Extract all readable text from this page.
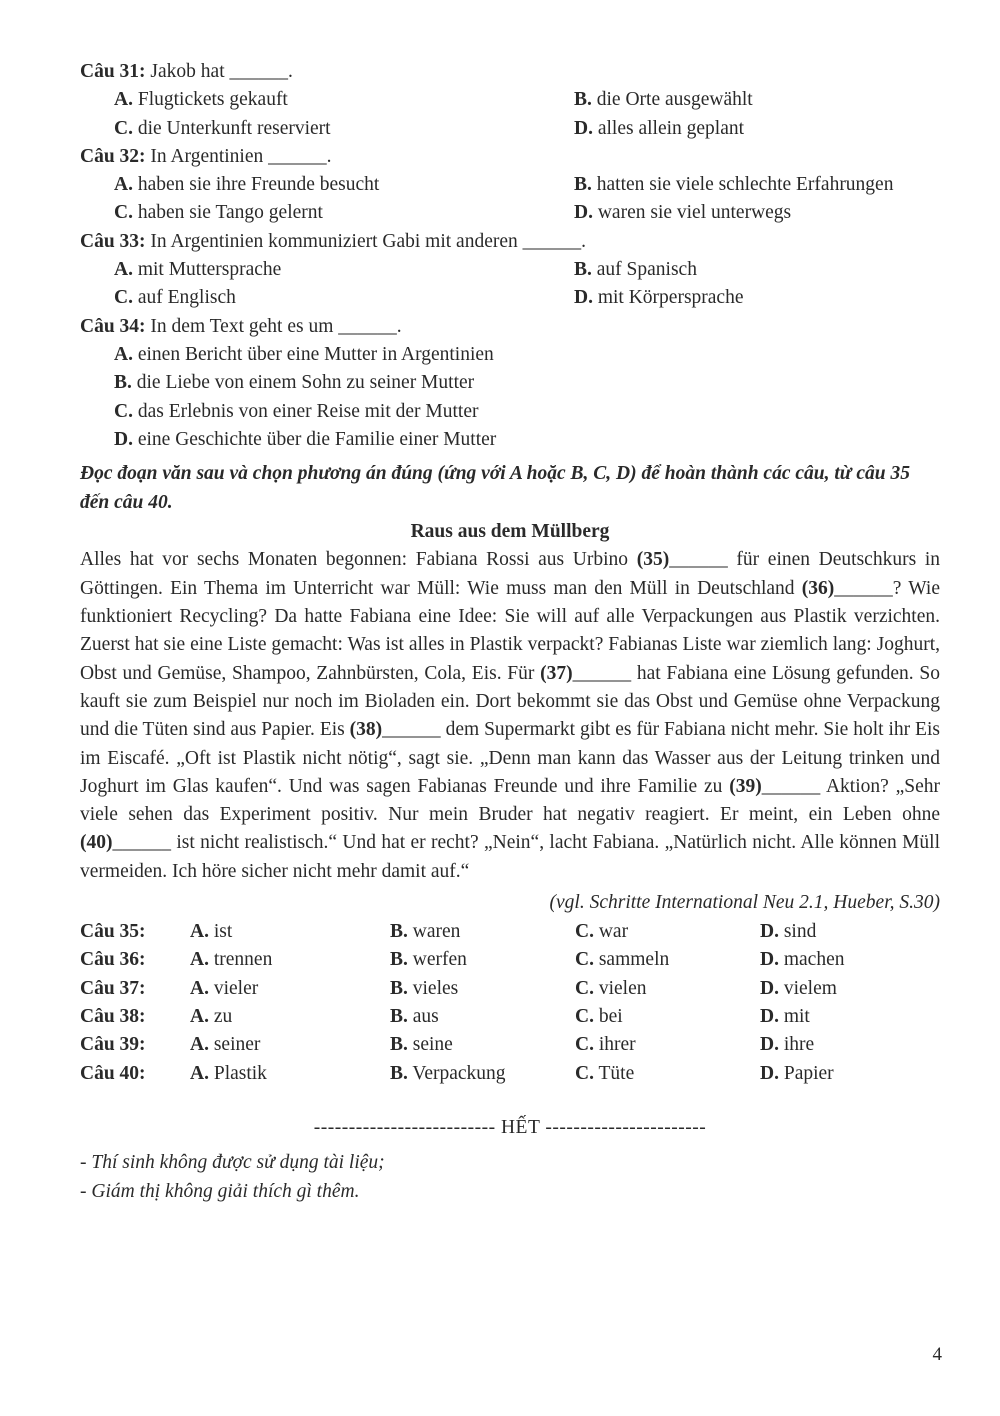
Câu 31: Jakob hat ______.
A. Flugtickets gekauft	B. die Orte ausgewählt
C. die Unterkunft reserviert	D. alles allein geplant
Câu 32: In Argentinien ______.
A. haben sie ihre Freunde besucht	B. hatten sie viele schlechte Erfahrungen
C. haben sie Tango gelernt	D. waren sie viel unterwegs
Câu 33: In Argentinien kommuniziert Gabi mit anderen ______.
A. mit Muttersprache	B. auf Spanisch
C. auf Englisch	D. mit Körpersprache
Câu 34: In dem Text geht es um ______.
A. einen Bericht über eine Mutter in Argentinien
B. die Liebe von einem Sohn zu seiner Mutter
C. das Erlebnis von einer Reise mit der Mutter
D. eine Geschichte über die Familie einer Mutter
Đọc đoạn văn sau và chọn phương án đúng (ứng với A hoặc B, C, D) để hoàn thành các câu, từ câu 35 đến câu 40.
Raus aus dem Müllberg

Alles hat vor sechs Monaten begonnen: Fabiana Rossi aus Urbino (35)______ für einen Deutschkurs in Göttingen. Ein Thema im Unterricht war Müll: Wie muss man den Müll in Deutschland (36)______? Wie funktioniert Recycling? Da hatte Fabiana eine Idee: Sie will auf alle Verpackungen aus Plastik verzichten. Zuerst hat sie eine Liste gemacht: Was ist alles in Plastik verpackt? Fabianas Liste war ziemlich lang: Joghurt, Obst und Gemüse, Shampoo, Zahnbürsten, Cola, Eis. Für (37)______ hat Fabiana eine Lösung gefunden. So kauft sie zum Beispiel nur noch im Bioladen ein. Dort bekommt sie das Obst und Gemüse ohne Verpackung und die Tüten sind aus Papier. Eis (38)______ dem Supermarkt gibt es für Fabiana nicht mehr. Sie holt ihr Eis im Eiscafé. „Oft ist Plastik nicht nötig“, sagt sie. „Denn man kann das Wasser aus der Leitung trinken und Joghurt im Glas kaufen“. Und was sagen Fabianas Freunde und ihre Familie zu (39)______ Aktion? „Sehr viele sehen das Experiment positiv. Nur mein Bruder hat negativ reagiert. Er meint, ein Leben ohne (40)______ ist nicht realistisch.“ Und hat er recht? „Nein“, lacht Fabiana. „Natürlich nicht. Alle können Müll vermeiden. Ich höre sicher nicht mehr damit auf.“

(vgl. Schritte International Neu 2.1, Hueber, S.30)
Câu 35:	A. ist	B. waren	C. war	D. sind
Câu 36:	A. trennen	B. werfen	C. sammeln	D. machen
Câu 37:	A. vieler	B. vieles	C. vielen	D. vielem
Câu 38:	A. zu	B. aus	C. bei	D. mit
Câu 39:	A. seiner	B. seine	C. ihrer	D. ihre
Câu 40:	A. Plastik	B. Verpackung	C. Tüte	D. Papier
-------------------------- HẾT -----------------------
- Thí sinh không được sử dụng tài liệu;
- Giám thị không giải thích gì thêm.
4
